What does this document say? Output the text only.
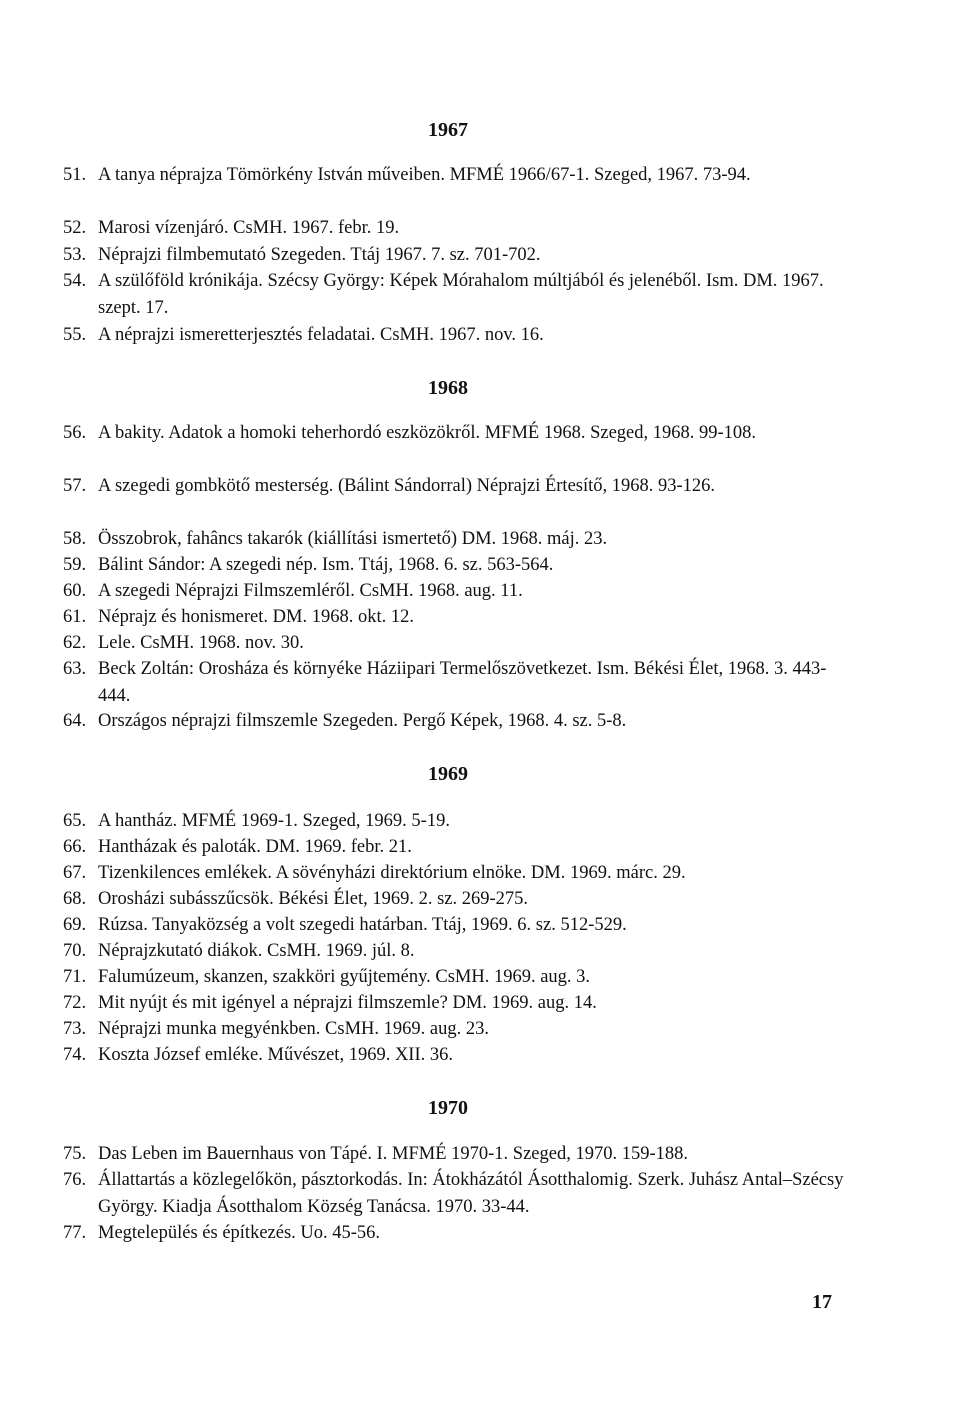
1967
51. A tanya néprajza Tömörkény István műveiben. MFMÉ 1966/67-1. Szeged, 1967. 73-94.
52. Marosi vízenjáró. CsMH. 1967. febr. 19.
53. Néprajzi filmbemutató Szegeden. Ttáj 1967. 7. sz. 701-702.
54. A szülőföld krónikája. Szécsy György: Képek Mórahalom múltjából és jelenéből. Ism. DM. 1967. szept. 17.
55. A néprajzi ismeretterjesztés feladatai. CsMH. 1967. nov. 16.
1968
56. A bakity. Adatok a homoki teherhordó eszközökről. MFMÉ 1968. Szeged, 1968. 99-108.
57. A szegedi gombkötő mesterség. (Bálint Sándorral) Néprajzi Értesítő, 1968. 93-126.
58. Összobrok, fahâncs takarók (kiállítási ismertető) DM. 1968. máj. 23.
59. Bálint Sándor: A szegedi nép. Ism. Ttáj, 1968. 6. sz. 563-564.
60. A szegedi Néprajzi Filmszemléről. CsMH. 1968. aug. 11.
61. Néprajz és honismeret. DM. 1968. okt. 12.
62. Lele. CsMH. 1968. nov. 30.
63. Beck Zoltán: Orosháza és környéke Háziipari Termelőszövetkezet. Ism. Békési Élet, 1968. 3. 443-444.
64. Országos néprajzi filmszemle Szegeden. Pergő Képek, 1968. 4. sz. 5-8.
1969
65. A hantház. MFMÉ 1969-1. Szeged, 1969. 5-19.
66. Hantházak és paloták. DM. 1969. febr. 21.
67. Tizenkilences emlékek. A sövényházi direktórium elnöke. DM. 1969. márc. 29.
68. Orosházi subásszűcsök. Békési Élet, 1969. 2. sz. 269-275.
69. Rúzsa. Tanyaközség a volt szegedi határban. Ttáj, 1969. 6. sz. 512-529.
70. Néprajzkutató diákok. CsMH. 1969. júl. 8.
71. Falumúzeum, skanzen, szakköri gyűjtemény. CsMH. 1969. aug. 3.
72. Mit nyújt és mit igényel a néprajzi filmszemle? DM. 1969. aug. 14.
73. Néprajzi munka megyénkben. CsMH. 1969. aug. 23.
74. Koszta József emléke. Művészet, 1969. XII. 36.
1970
75. Das Leben im Bauernhaus von Tápé. I. MFMÉ 1970-1. Szeged, 1970. 159-188.
76. Állattartás a közlegelőkön, pásztorkodás. In: Átokházától Ásotthalomig. Szerk. Juhász Antal–Szécsy György. Kiadja Ásotthalom Község Tanácsa. 1970. 33-44.
77. Megtelepülés és építkezés. Uo. 45-56.
17
